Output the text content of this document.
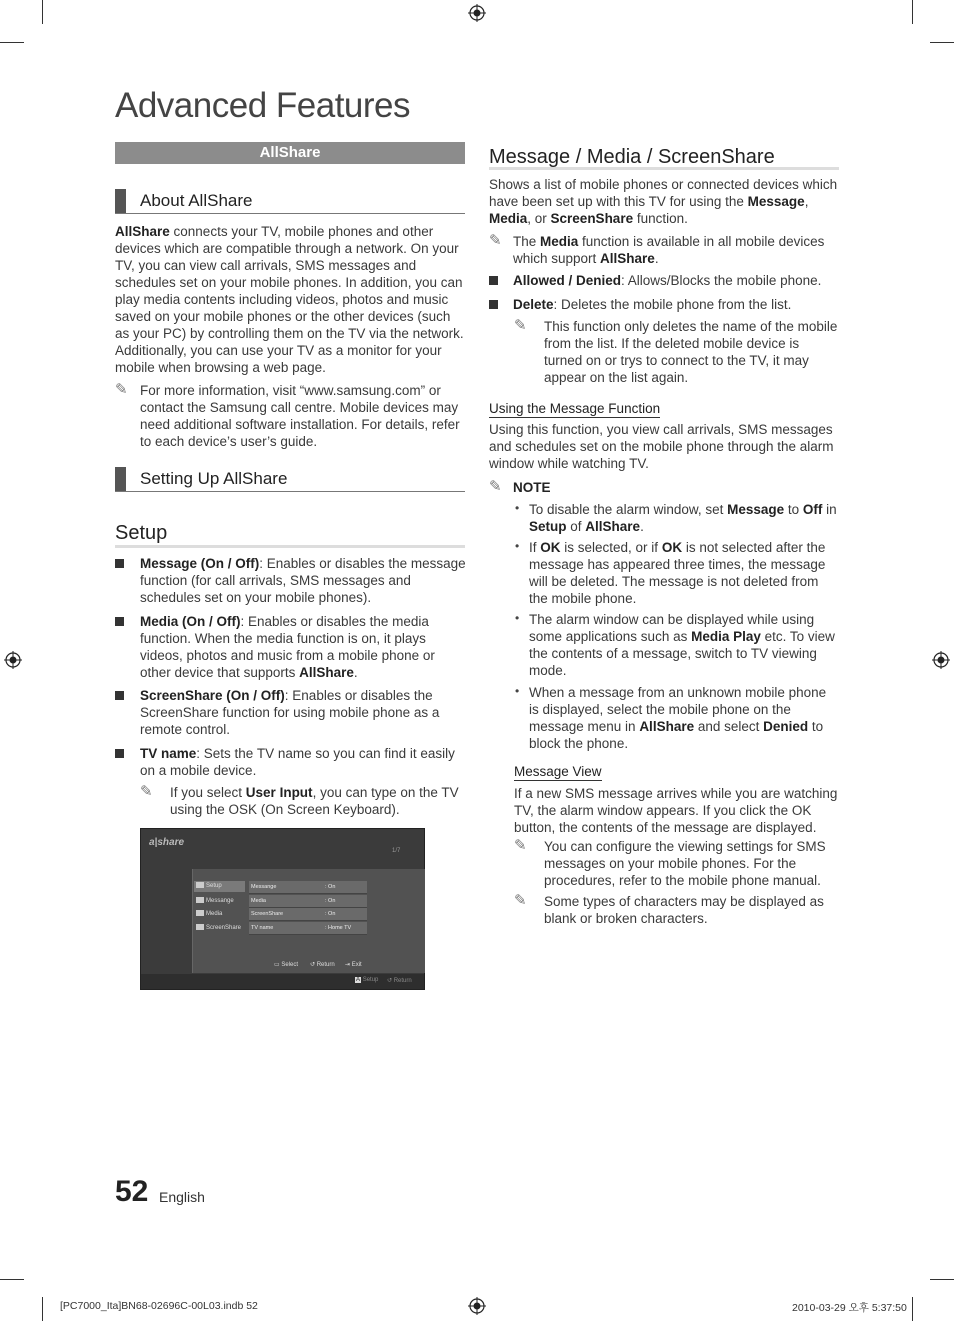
Advanced Features
AllShare
About AllShare
AllShare connects your TV, mobile phones and other devices which are compatible through a network. On your TV, you can view call arrivals, SMS messages and schedules set on your mobile phones. In addition, you can play media contents including videos, photos and music saved on your mobile phones or the other devices (such as your PC) by controlling them on the TV via the network. Additionally, you can use your TV as a monitor for your mobile when browsing a web page.
✎ For more information, visit “www.samsung.com” or contact the Samsung call centre. Mobile devices may need additional software installation. For details, refer to each device’s user’s guide.
Setting Up AllShare
Setup
Message (On / Off): Enables or disables the message function (for call arrivals, SMS messages and schedules set on your mobile phones).
Media (On / Off): Enables or disables the media function. When the media function is on, it plays videos, photos and music from a mobile phone or other device that supports AllShare.
ScreenShare (On / Off): Enables or disables the ScreenShare function for using mobile phone as a remote control.
TV name: Sets the TV name so you can find it easily on a mobile device.
✎ If you select User Input, you can type on the TV using the OSK (On Screen Keyboard).
a|share
1/7
Setup
Messange
Media
ScreenShare
Messange	: On
Media	: On
ScreenShare	: On
TV name	: Home TV
▭ Select ↺ Return ⇥ Exit
A Setup ↺ Return
Message / Media / ScreenShare
Shows a list of mobile phones or connected devices which have been set up with this TV for using the Message, Media, or ScreenShare function.
✎ The Media function is available in all mobile devices which support AllShare.
Allowed / Denied: Allows/Blocks the mobile phone.
Delete: Deletes the mobile phone from the list.
✎ This function only deletes the name of the mobile from the list. If the deleted mobile device is turned on or trys to connect to the TV, it may appear on the list again.
Using the Message Function
Using this function, you view call arrivals, SMS messages and schedules set on the mobile phone through the alarm window while watching TV.
✎ NOTE
• To disable the alarm window, set Message to Off in Setup of AllShare.
• If OK is selected, or if OK is not selected after the message has appeared three times, the message will be deleted. The message is not deleted from the mobile phone.
• The alarm window can be displayed while using some applications such as Media Play etc. To view the contents of a message, switch to TV viewing mode.
• When a message from an unknown mobile phone is displayed, select the mobile phone on the message menu in AllShare and select Denied to block the phone.
Message View
If a new SMS message arrives while you are watching TV, the alarm window appears. If you click the OK button, the contents of the message are displayed.
✎ You can configure the viewing settings for SMS messages on your mobile phones. For the procedures, refer to the mobile phone manual.
✎ Some types of characters may be displayed as blank or broken characters.
52 English
[PC7000_Ita]BN68-02696C-00L03.indb 52	2010-03-29 오후 5:37:50
